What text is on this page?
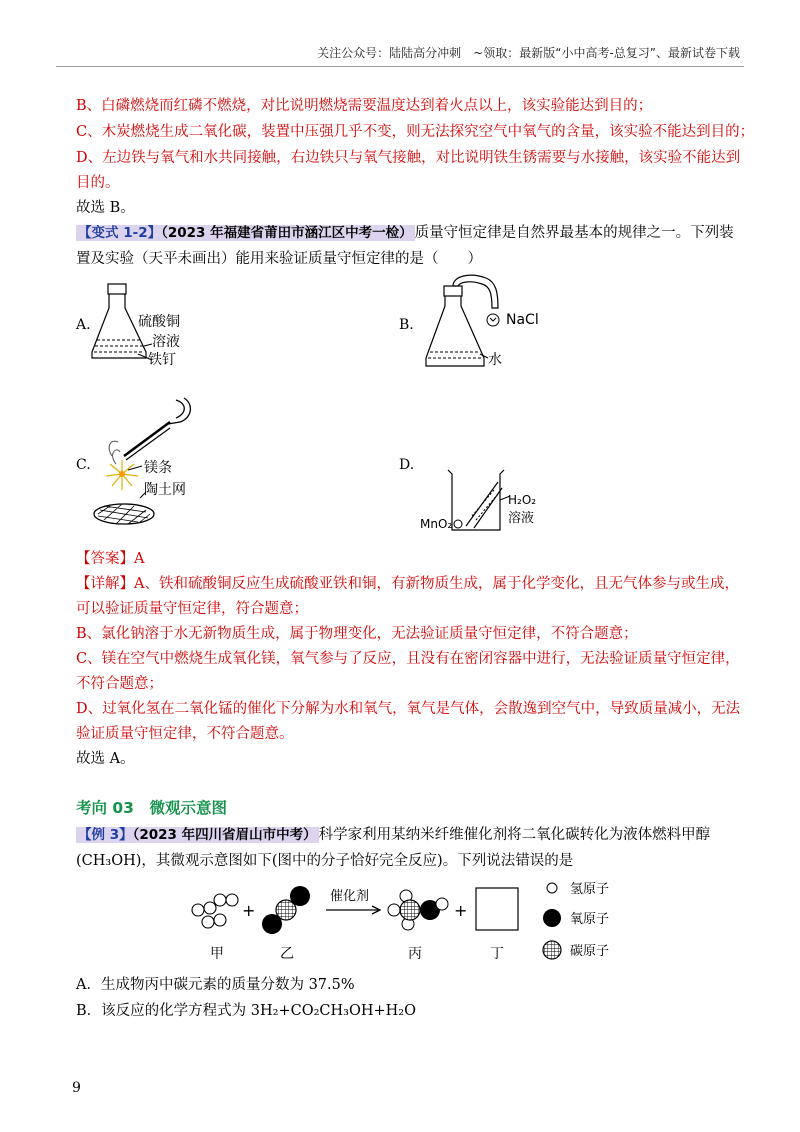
关注公众号：陆陆高分冲刺　~领取：最新版“小中高考-总复习”、最新试卷下载
B、白磷燃烧而红磷不燃烧，对比说明燃烧需要温度达到着火点以上，该实验能达到目的；
C、木炭燃烧生成二氧化碳，装置中压强几乎不变，则无法探究空气中氧气的含量，该实验不能达到目的；
D、左边铁与氧气和水共同接触，右边铁只与氧气接触，对比说明铁生锈需要与水接触，该实验不能达到
目的。
故选 B。
【变式 1-2】（2023 年福建省莆田市涵江区中考一检） 质量守恒定律是自然界最基本的规律之一。下列装
置及实验（天平未画出）能用来验证质量守恒定律的是（　　）
A.	硫酸铜
溶液
铁钉
B.	NaCl
水
C.	镁条
陶土网
D.
H₂O₂
溶液
MnO₂
【答案】A
【详解】A、铁和硫酸铜反应生成硫酸亚铁和铜，有新物质生成，属于化学变化，且无气体参与或生成，
可以验证质量守恒定律，符合题意；
B、氯化钠溶于水无新物质生成，属于物理变化，无法验证质量守恒定律，不符合题意；
C、镁在空气中燃烧生成氧化镁，氧气参与了反应，且没有在密闭容器中进行，无法验证质量守恒定律，
不符合题意；
D、过氧化氢在二氧化锰的催化下分解为水和氧气，氧气是气体，会散逸到空气中，导致质量减小，无法
验证质量守恒定律，不符合题意。
故选 A。
考向 03　微观示意图
【例 3】（2023 年四川省眉山市中考） 科学家利用某纳米纤维催化剂将二氧化碳转化为液体燃料甲醇
(CH₃OH)，其微观示意图如下(图中的分子恰好完全反应)。下列说法错误的是
+
催化剂
+
甲	乙	丙	丁
氢原子
氧原子
碳原子
A．生成物丙中碳元素的质量分数为 37.5%
B．该反应的化学方程式为 3H₂+CO₂CH₃OH+H₂O
9
